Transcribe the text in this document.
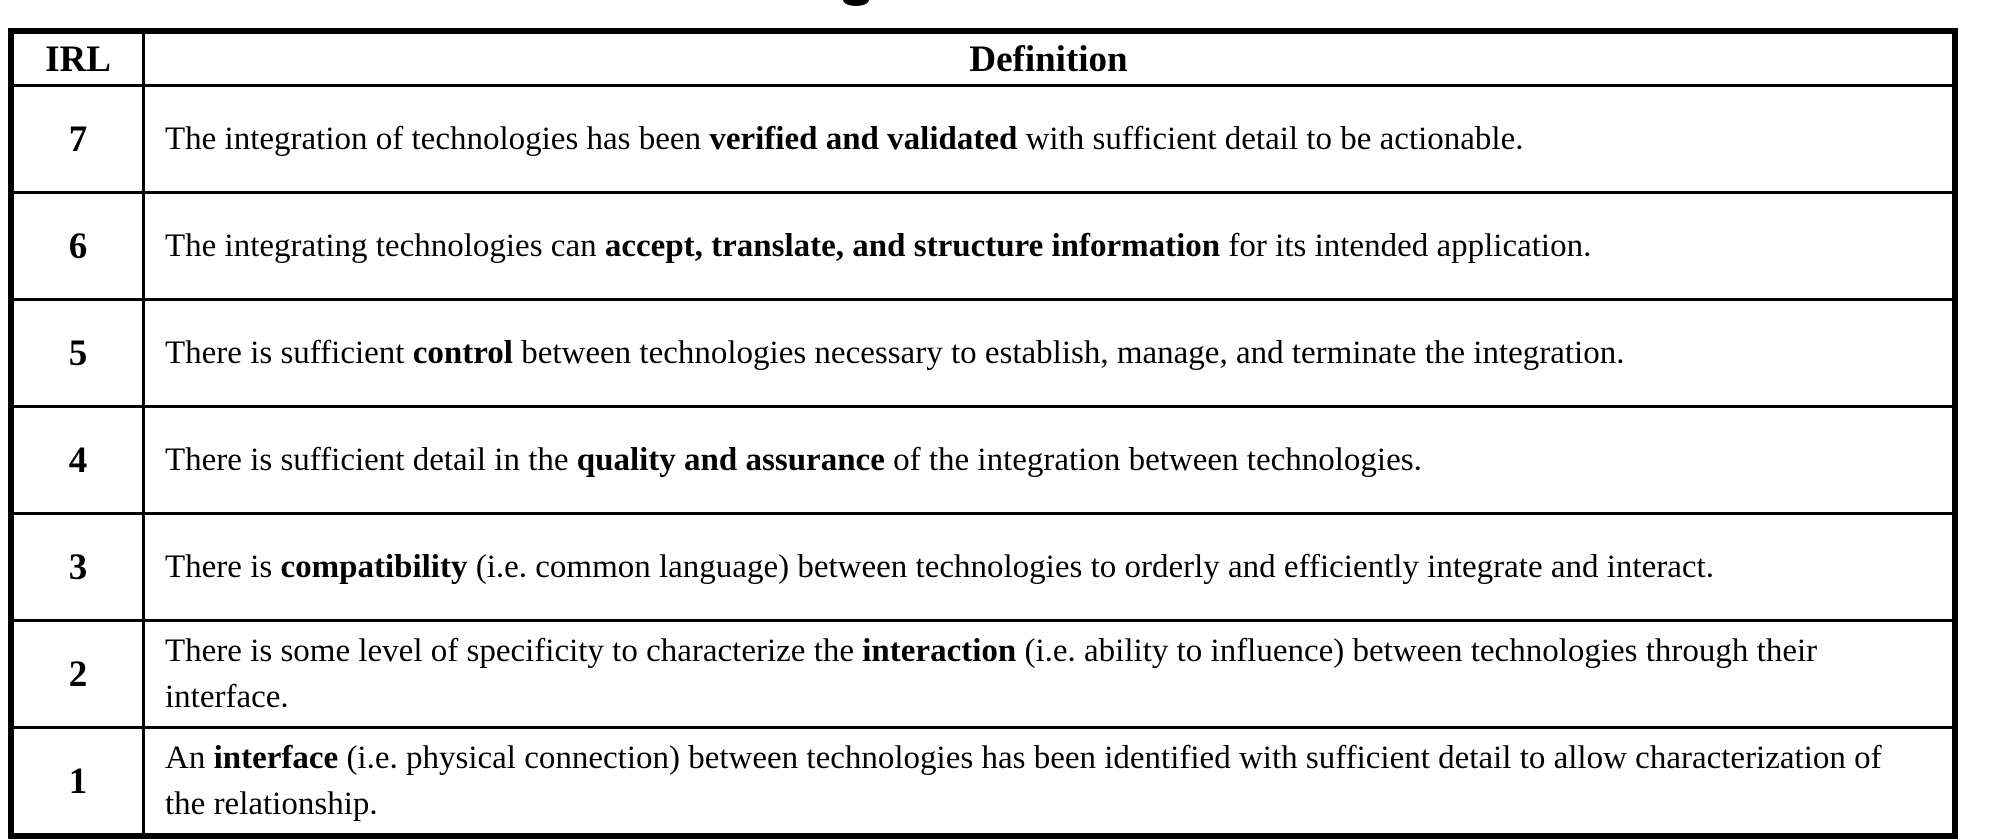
IRL	Definition
7	The integration of technologies has been verified and validated with sufficient detail to be actionable.
6	The integrating technologies can accept, translate, and structure information for its intended application.
5	There is sufficient control between technologies necessary to establish, manage, and terminate the integration.
4	There is sufficient detail in the quality and assurance of the integration between technologies.
3	There is compatibility (i.e. common language) between technologies to orderly and efficiently integrate and interact.
2	There is some level of specificity to characterize the interaction (i.e. ability to influence) between technologies through their interface.
1	An interface (i.e. physical connection) between technologies has been identified with sufficient detail to allow characterization of the relationship.
